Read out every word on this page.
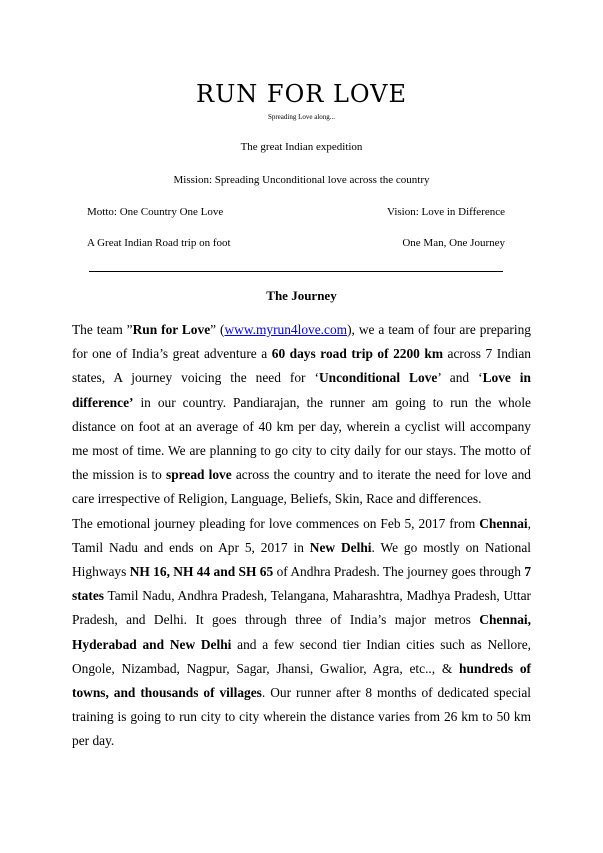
RUN FOR LOVE
Spreading Love along...
The great Indian expedition
Mission: Spreading Unconditional love across the country
Motto: One Country One Love	Vision: Love in Difference
A Great Indian Road trip on foot	One Man, One Journey
The Journey

The team ”Run for Love” (www.myrun4love.com), we a team of four are preparing for one of India’s great adventure a 60 days road trip of 2200 km across 7 Indian states, A journey voicing the need for ‘Unconditional Love’ and ‘Love in difference’ in our country. Pandiarajan, the runner am going to run the whole distance on foot at an average of 40 km per day, wherein a cyclist will accompany me most of time. We are planning to go city to city daily for our stays. The motto of the mission is to spread love across the country and to iterate the need for love and care irrespective of Religion, Language, Beliefs, Skin, Race and differences.

The emotional journey pleading for love commences on Feb 5, 2017 from Chennai, Tamil Nadu and ends on Apr 5, 2017 in New Delhi. We go mostly on National Highways NH 16, NH 44 and SH 65 of Andhra Pradesh. The journey goes through 7 states Tamil Nadu, Andhra Pradesh, Telangana, Maharashtra, Madhya Pradesh, Uttar Pradesh, and Delhi. It goes through three of India’s major metros Chennai, Hyderabad and New Delhi and a few second tier Indian cities such as Nellore, Ongole, Nizambad, Nagpur, Sagar, Jhansi, Gwalior, Agra, etc.., & hundreds of towns, and thousands of villages. Our runner after 8 months of dedicated special training is going to run city to city wherein the distance varies from 26 km to 50 km per day.
